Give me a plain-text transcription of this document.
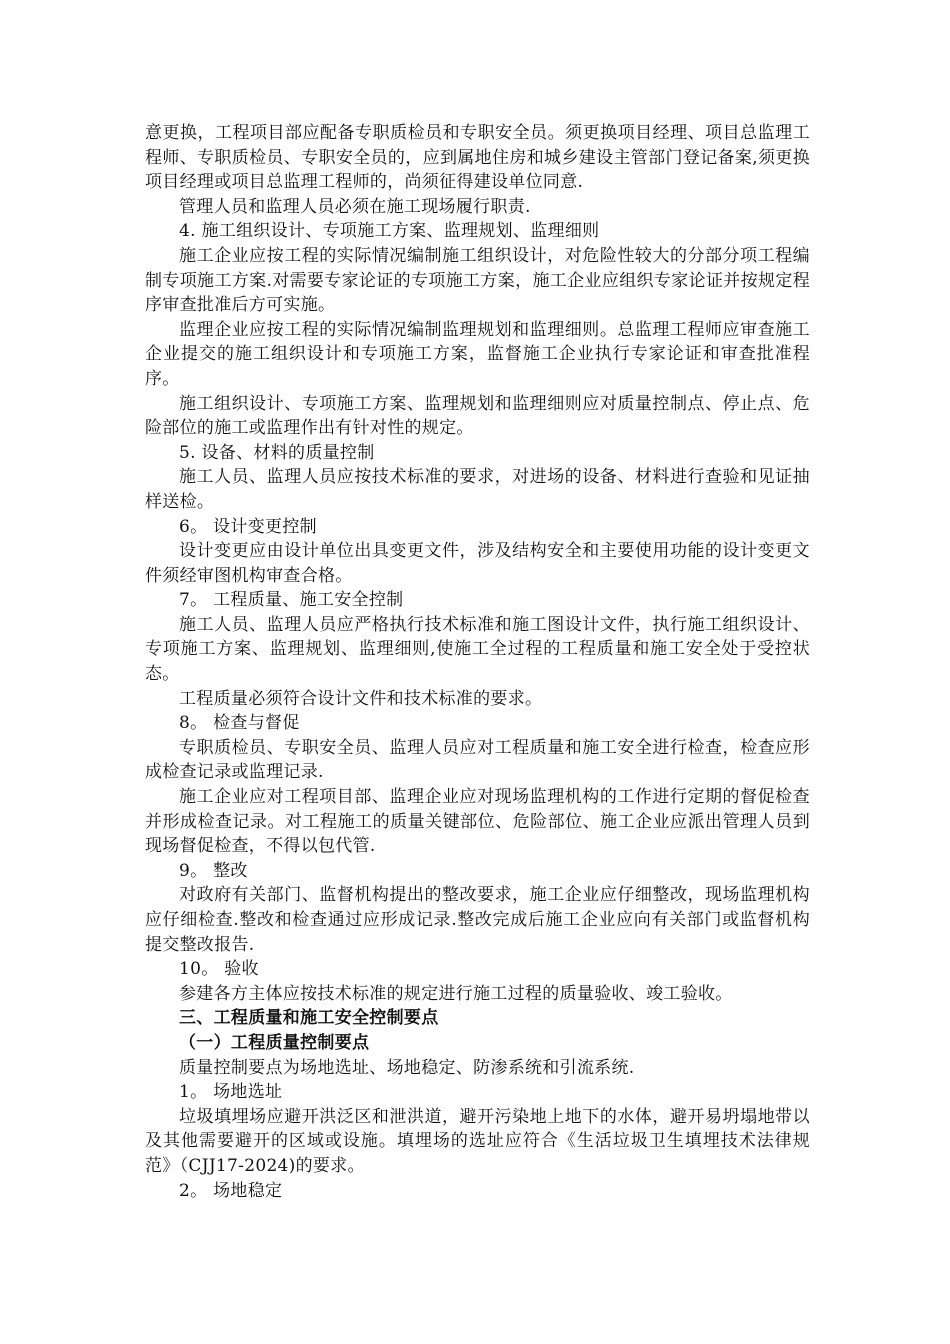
意更换，工程项目部应配备专职质检员和专职安全员。须更换项目经理、项目总监理工程师、专职质检员、专职安全员的，应到属地住房和城乡建设主管部门登记备案,须更换项目经理或项目总监理工程师的，尚须征得建设单位同意.

管理人员和监理人员必须在施工现场履行职责.

4. 施工组织设计、专项施工方案、监理规划、监理细则

施工企业应按工程的实际情况编制施工组织设计，对危险性较大的分部分项工程编制专项施工方案.对需要专家论证的专项施工方案，施工企业应组织专家论证并按规定程序审查批准后方可实施。

监理企业应按工程的实际情况编制监理规划和监理细则。总监理工程师应审查施工企业提交的施工组织设计和专项施工方案，监督施工企业执行专家论证和审查批准程序。

施工组织设计、专项施工方案、监理规划和监理细则应对质量控制点、停止点、危险部位的施工或监理作出有针对性的规定。

5. 设备、材料的质量控制

施工人员、监理人员应按技术标准的要求，对进场的设备、材料进行查验和见证抽样送检。

6。 设计变更控制

设计变更应由设计单位出具变更文件，涉及结构安全和主要使用功能的设计变更文件须经审图机构审查合格。

7。 工程质量、施工安全控制

施工人员、监理人员应严格执行技术标准和施工图设计文件，执行施工组织设计、专项施工方案、监理规划、监理细则,使施工全过程的工程质量和施工安全处于受控状态。

工程质量必须符合设计文件和技术标准的要求。

8。 检查与督促

专职质检员、专职安全员、监理人员应对工程质量和施工安全进行检查，检查应形成检查记录或监理记录.

施工企业应对工程项目部、监理企业应对现场监理机构的工作进行定期的督促检查并形成检查记录。对工程施工的质量关键部位、危险部位、施工企业应派出管理人员到现场督促检查，不得以包代管.

9。 整改

对政府有关部门、监督机构提出的整改要求，施工企业应仔细整改，现场监理机构应仔细检查.整改和检查通过应形成记录.整改完成后施工企业应向有关部门或监督机构提交整改报告.

10。 验收

参建各方主体应按技术标准的规定进行施工过程的质量验收、竣工验收。

三、工程质量和施工安全控制要点

（一）工程质量控制要点

质量控制要点为场地选址、场地稳定、防渗系统和引流系统.

1。 场地选址

垃圾填埋场应避开洪泛区和泄洪道，避开污染地上地下的水体，避开易坍塌地带以及其他需要避开的区域或设施。填埋场的选址应符合《生活垃圾卫生填埋技术法律规范》（CJJ17-2024)的要求。

2。 场地稳定
